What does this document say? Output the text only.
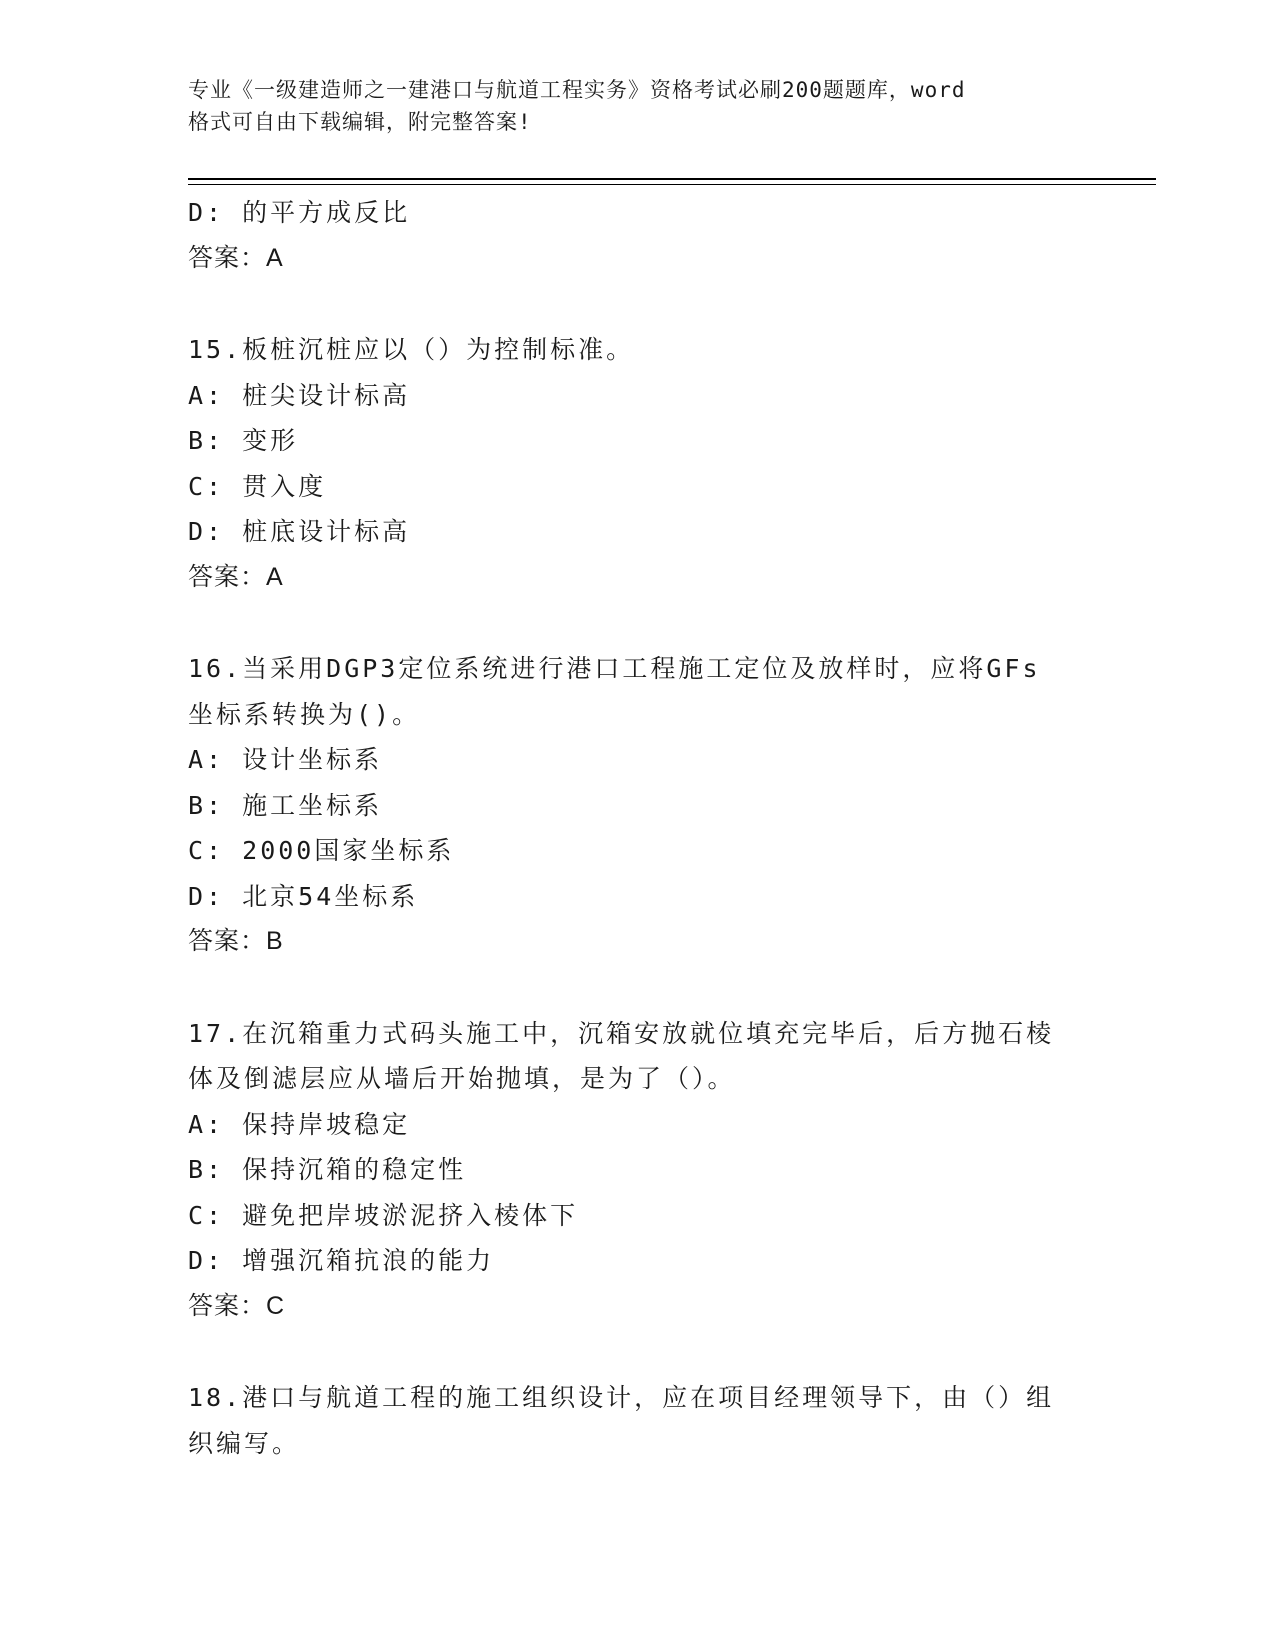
专业《一级建造师之一建港口与航道工程实务》资格考试必刷200题题库，word
格式可自由下载编辑，附完整答案!
D: 的平方成反比
答案：A
15.板桩沉桩应以（）为控制标准。
A: 桩尖设计标高
B: 变形
C: 贯入度
D: 桩底设计标高
答案：A
16.当采用DGP3定位系统进行港口工程施工定位及放样时，应将GFs
坐标系转换为()。
A: 设计坐标系
B: 施工坐标系
C: 2000国家坐标系
D: 北京54坐标系
答案：B
17.在沉箱重力式码头施工中，沉箱安放就位填充完毕后，后方抛石棱
体及倒滤层应从墙后开始抛填，是为了（）。
A: 保持岸坡稳定
B: 保持沉箱的稳定性
C: 避免把岸坡淤泥挤入棱体下
D: 增强沉箱抗浪的能力
答案：C
18.港口与航道工程的施工组织设计，应在项目经理领导下，由（）组
织编写。
